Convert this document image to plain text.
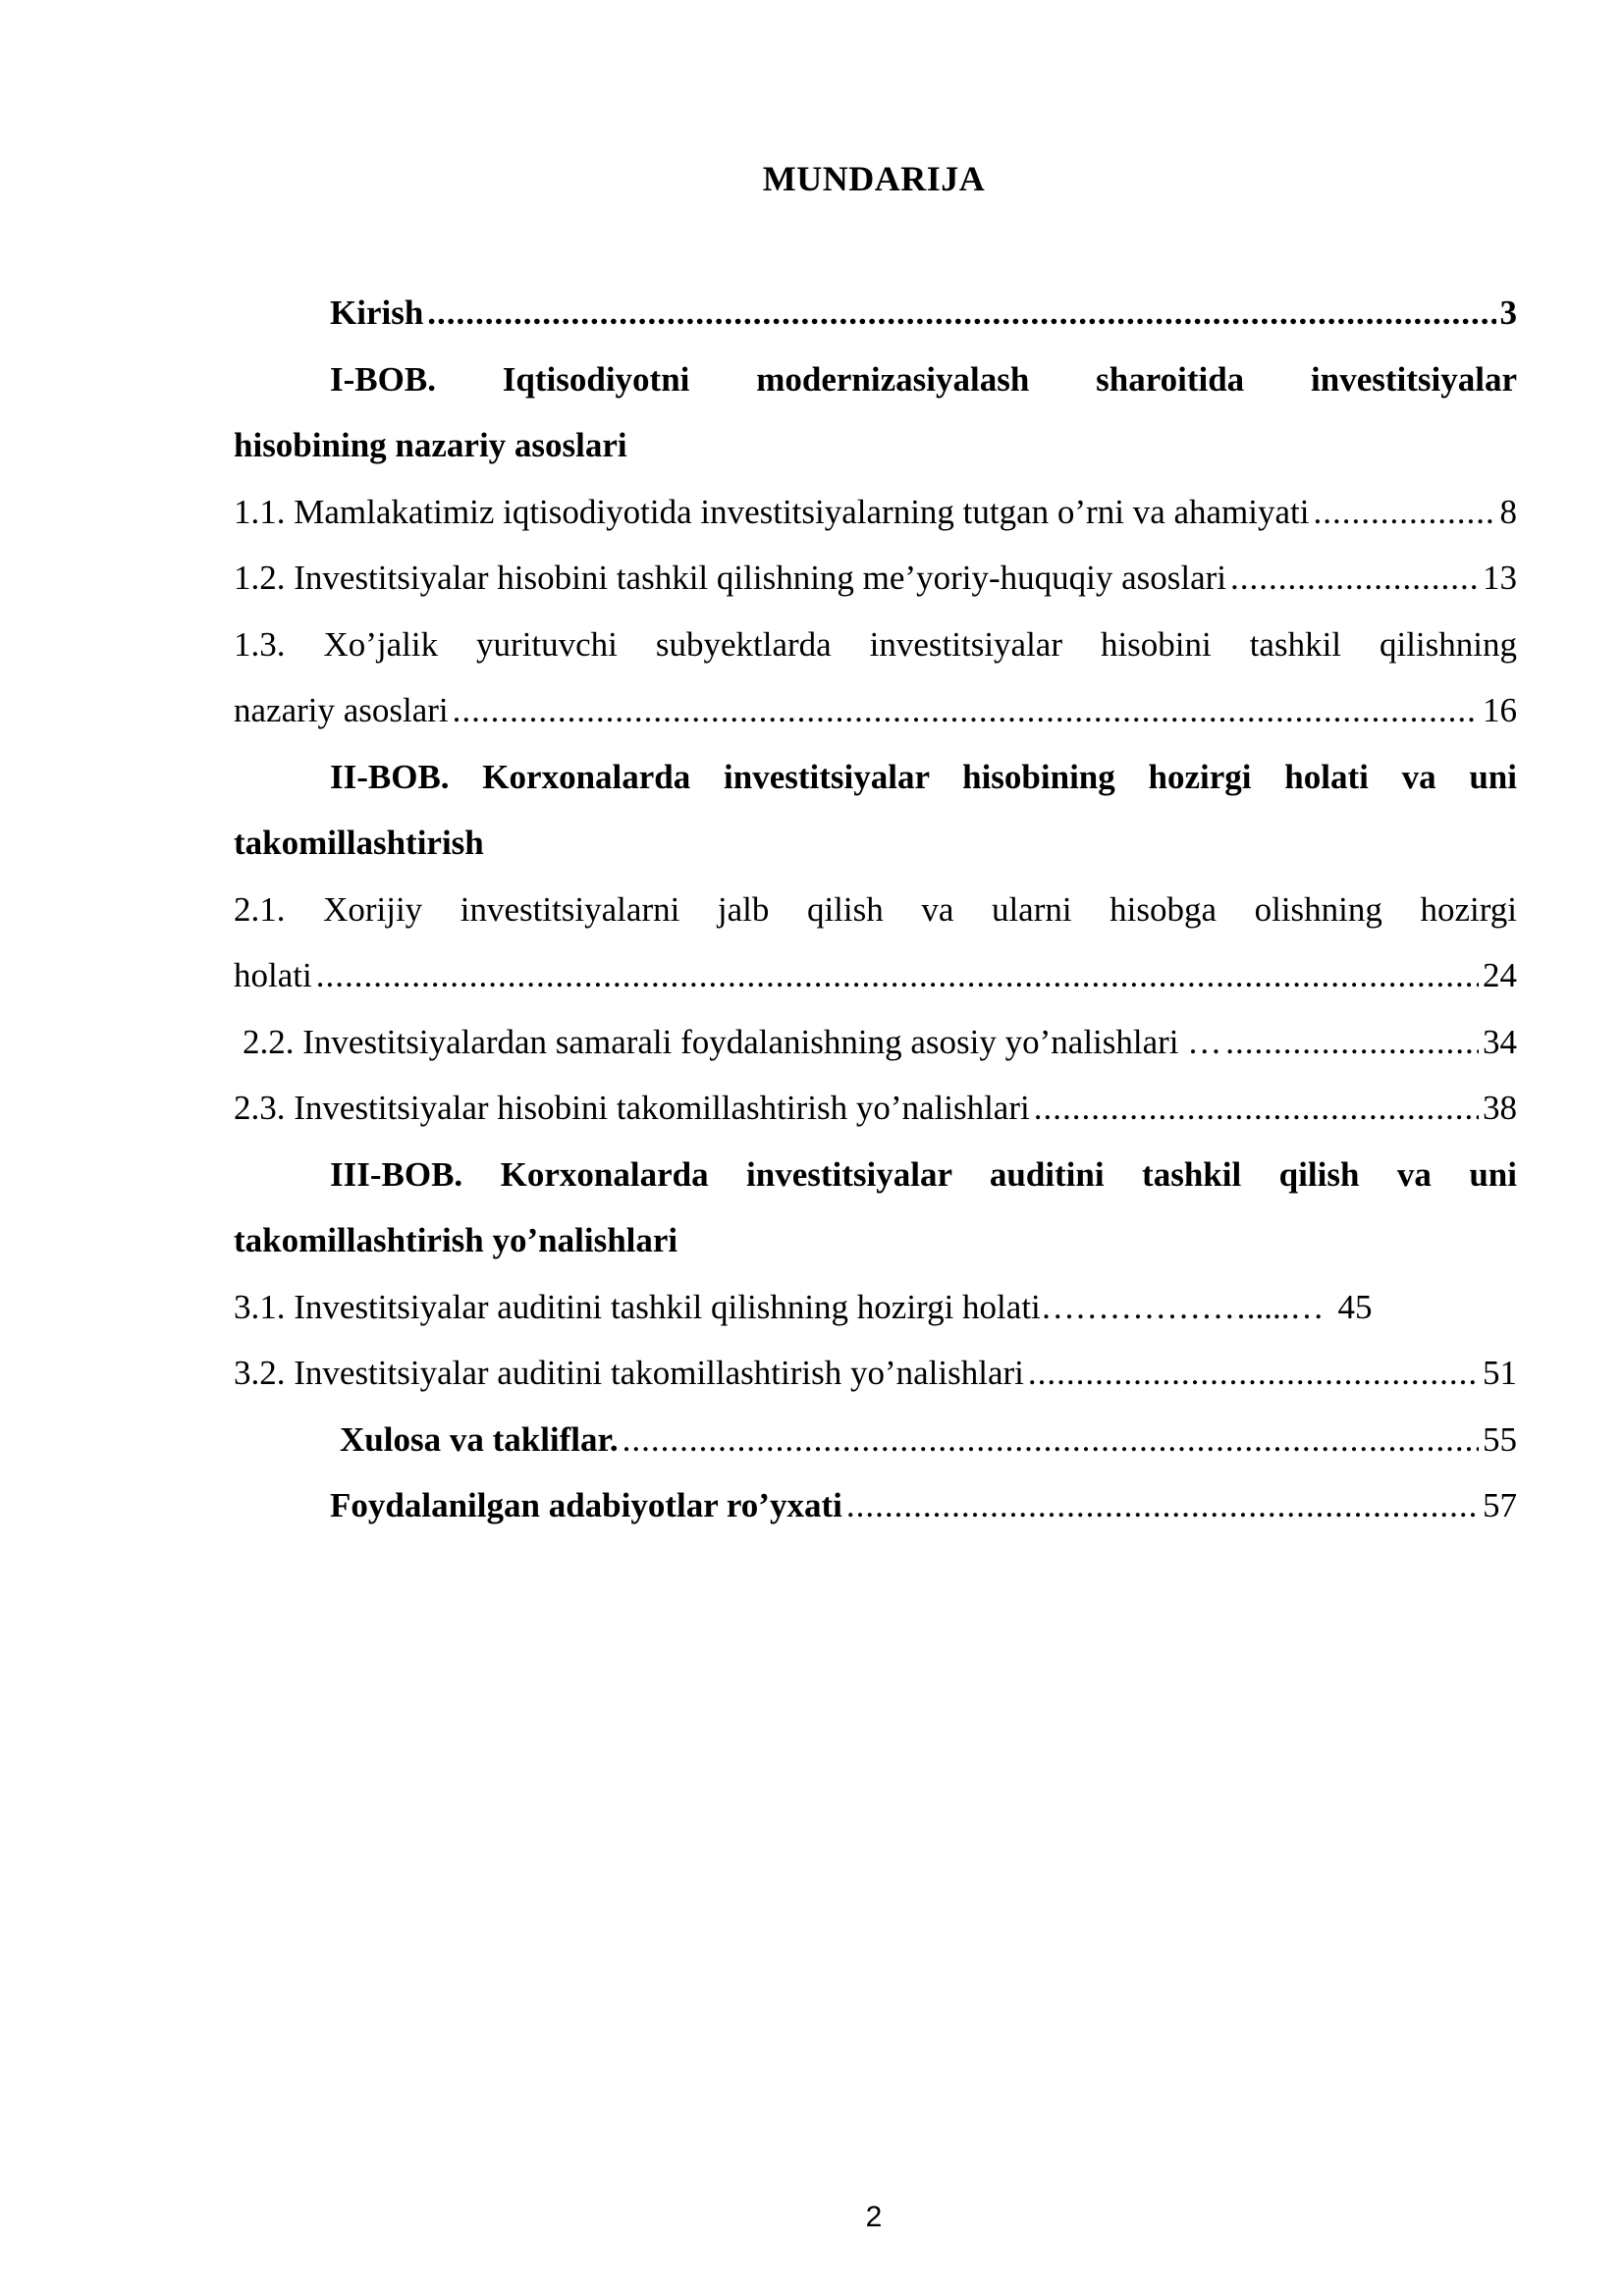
MUNDARIJA
Kirish .....	3
I-BOB. Iqtisodiyotni modernizasiyalash sharoitida investitsiyalar
hisobining nazariy asoslari
1.1. Mamlakatimiz iqtisodiyotida investitsiyalarning tutgan o’rni va ahamiyati .....	8
1.2. Investitsiyalar hisobini tashkil qilishning me’yoriy-huquqiy asoslari .....	13
1.3. Xo’jalik yurituvchi subyektlarda investitsiyalar hisobini tashkil qilishning
nazariy asoslari .....	16
II-BOB. Korxonalarda investitsiyalar hisobining hozirgi holati va uni
takomillashtirish
2.1. Xorijiy investitsiyalarni jalb qilish va ularni hisobga olishning hozirgi
holati .....	24
2.2. Investitsiyalardan samarali foydalanishning asosiy yo’nalishlari … .....	34
2.3. Investitsiyalar hisobini takomillashtirish yo’nalishlari .....	38
III-BOB. Korxonalarda investitsiyalar auditini tashkil qilish va uni
takomillashtirish yo’nalishlari
3.1. Investitsiyalar auditini tashkil qilishning hozirgi holati……………….....… 45
3.2. Investitsiyalar auditini takomillashtirish yo’nalishlari .....	51
Xulosa va takliflar. .....	55
Foydalanilgan adabiyotlar ro’yxati .....	57
2
